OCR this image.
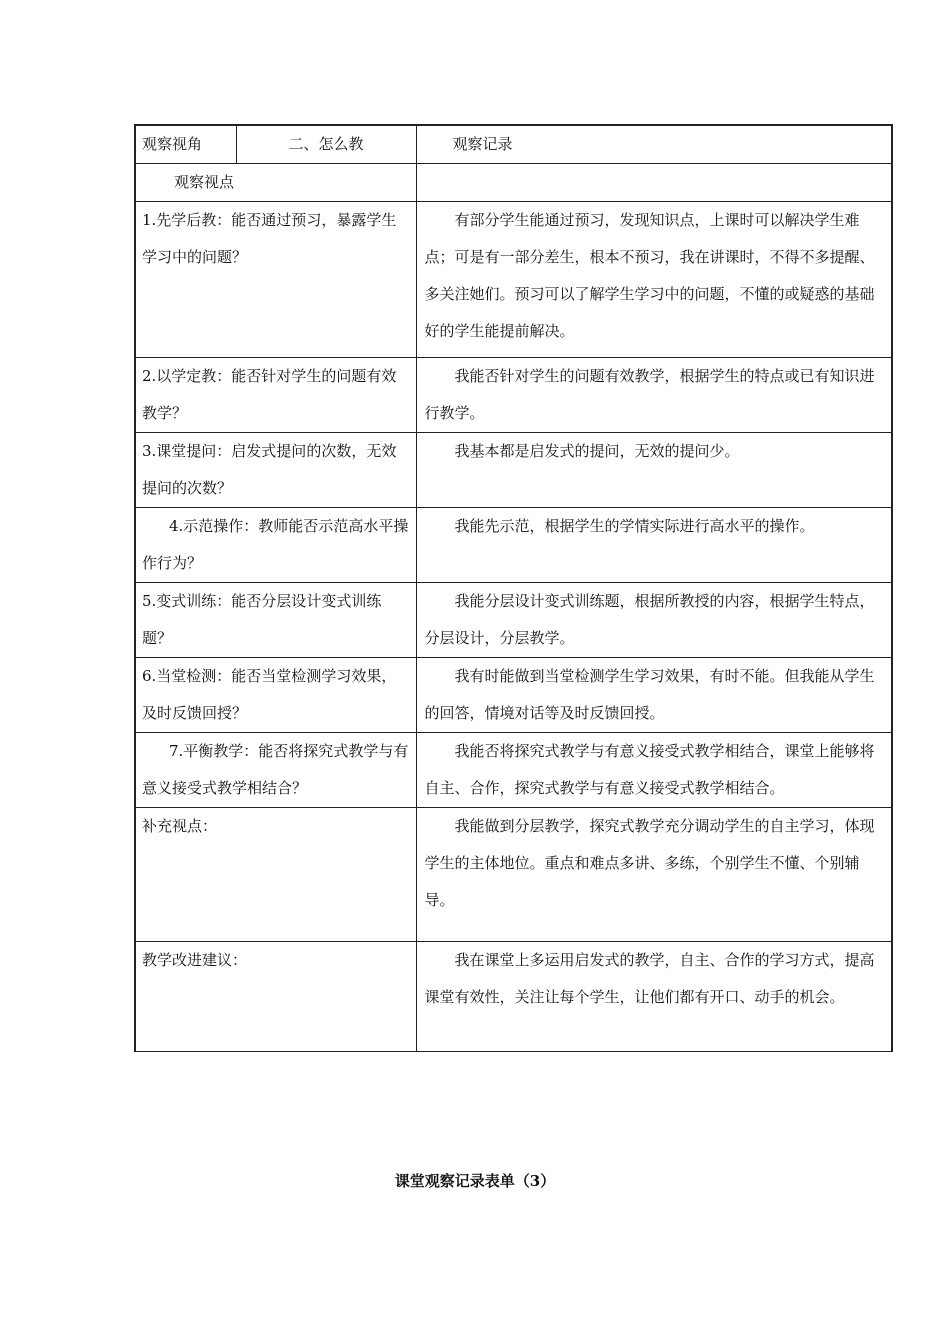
观察视角	二、怎么教	观察记录
观察视点		
1.先学后教：能否通过预习，暴露学生学习中的问题？		有部分学生能通过预习，发现知识点，上课时可以解决学生难点；可是有一部分差生，根本不预习，我在讲课时，不得不多提醒、多关注她们。预习可以了解学生学习中的问题，不懂的或疑惑的基础好的学生能提前解决。
2.以学定教：能否针对学生的问题有效教学？		我能否针对学生的问题有效教学，根据学生的特点或已有知识进行教学。
3.课堂提问：启发式提问的次数，无效提问的次数？		我基本都是启发式的提问，无效的提问少。
4.示范操作：教师能否示范高水平操作行为？		我能先示范，根据学生的学情实际进行高水平的操作。
5.变式训练：能否分层设计变式训练题？		我能分层设计变式训练题，根据所教授的内容，根据学生特点，分层设计，分层教学。
6.当堂检测：能否当堂检测学习效果，及时反馈回授？		我有时能做到当堂检测学生学习效果，有时不能。但我能从学生的回答，情境对话等及时反馈回授。
7.平衡教学：能否将探究式教学与有意义接受式教学相结合？		我能否将探究式教学与有意义接受式教学相结合，课堂上能够将自主、合作，探究式教学与有意义接受式教学相结合。
补充视点：		我能做到分层教学，探究式教学充分调动学生的自主学习，体现学生的主体地位。重点和难点多讲、多练，个别学生不懂、个别辅导。
教学改进建议：		我在课堂上多运用启发式的教学，自主、合作的学习方式，提高课堂有效性，关注让每个学生，让他们都有开口、动手的机会。
课堂观察记录表单（3）
